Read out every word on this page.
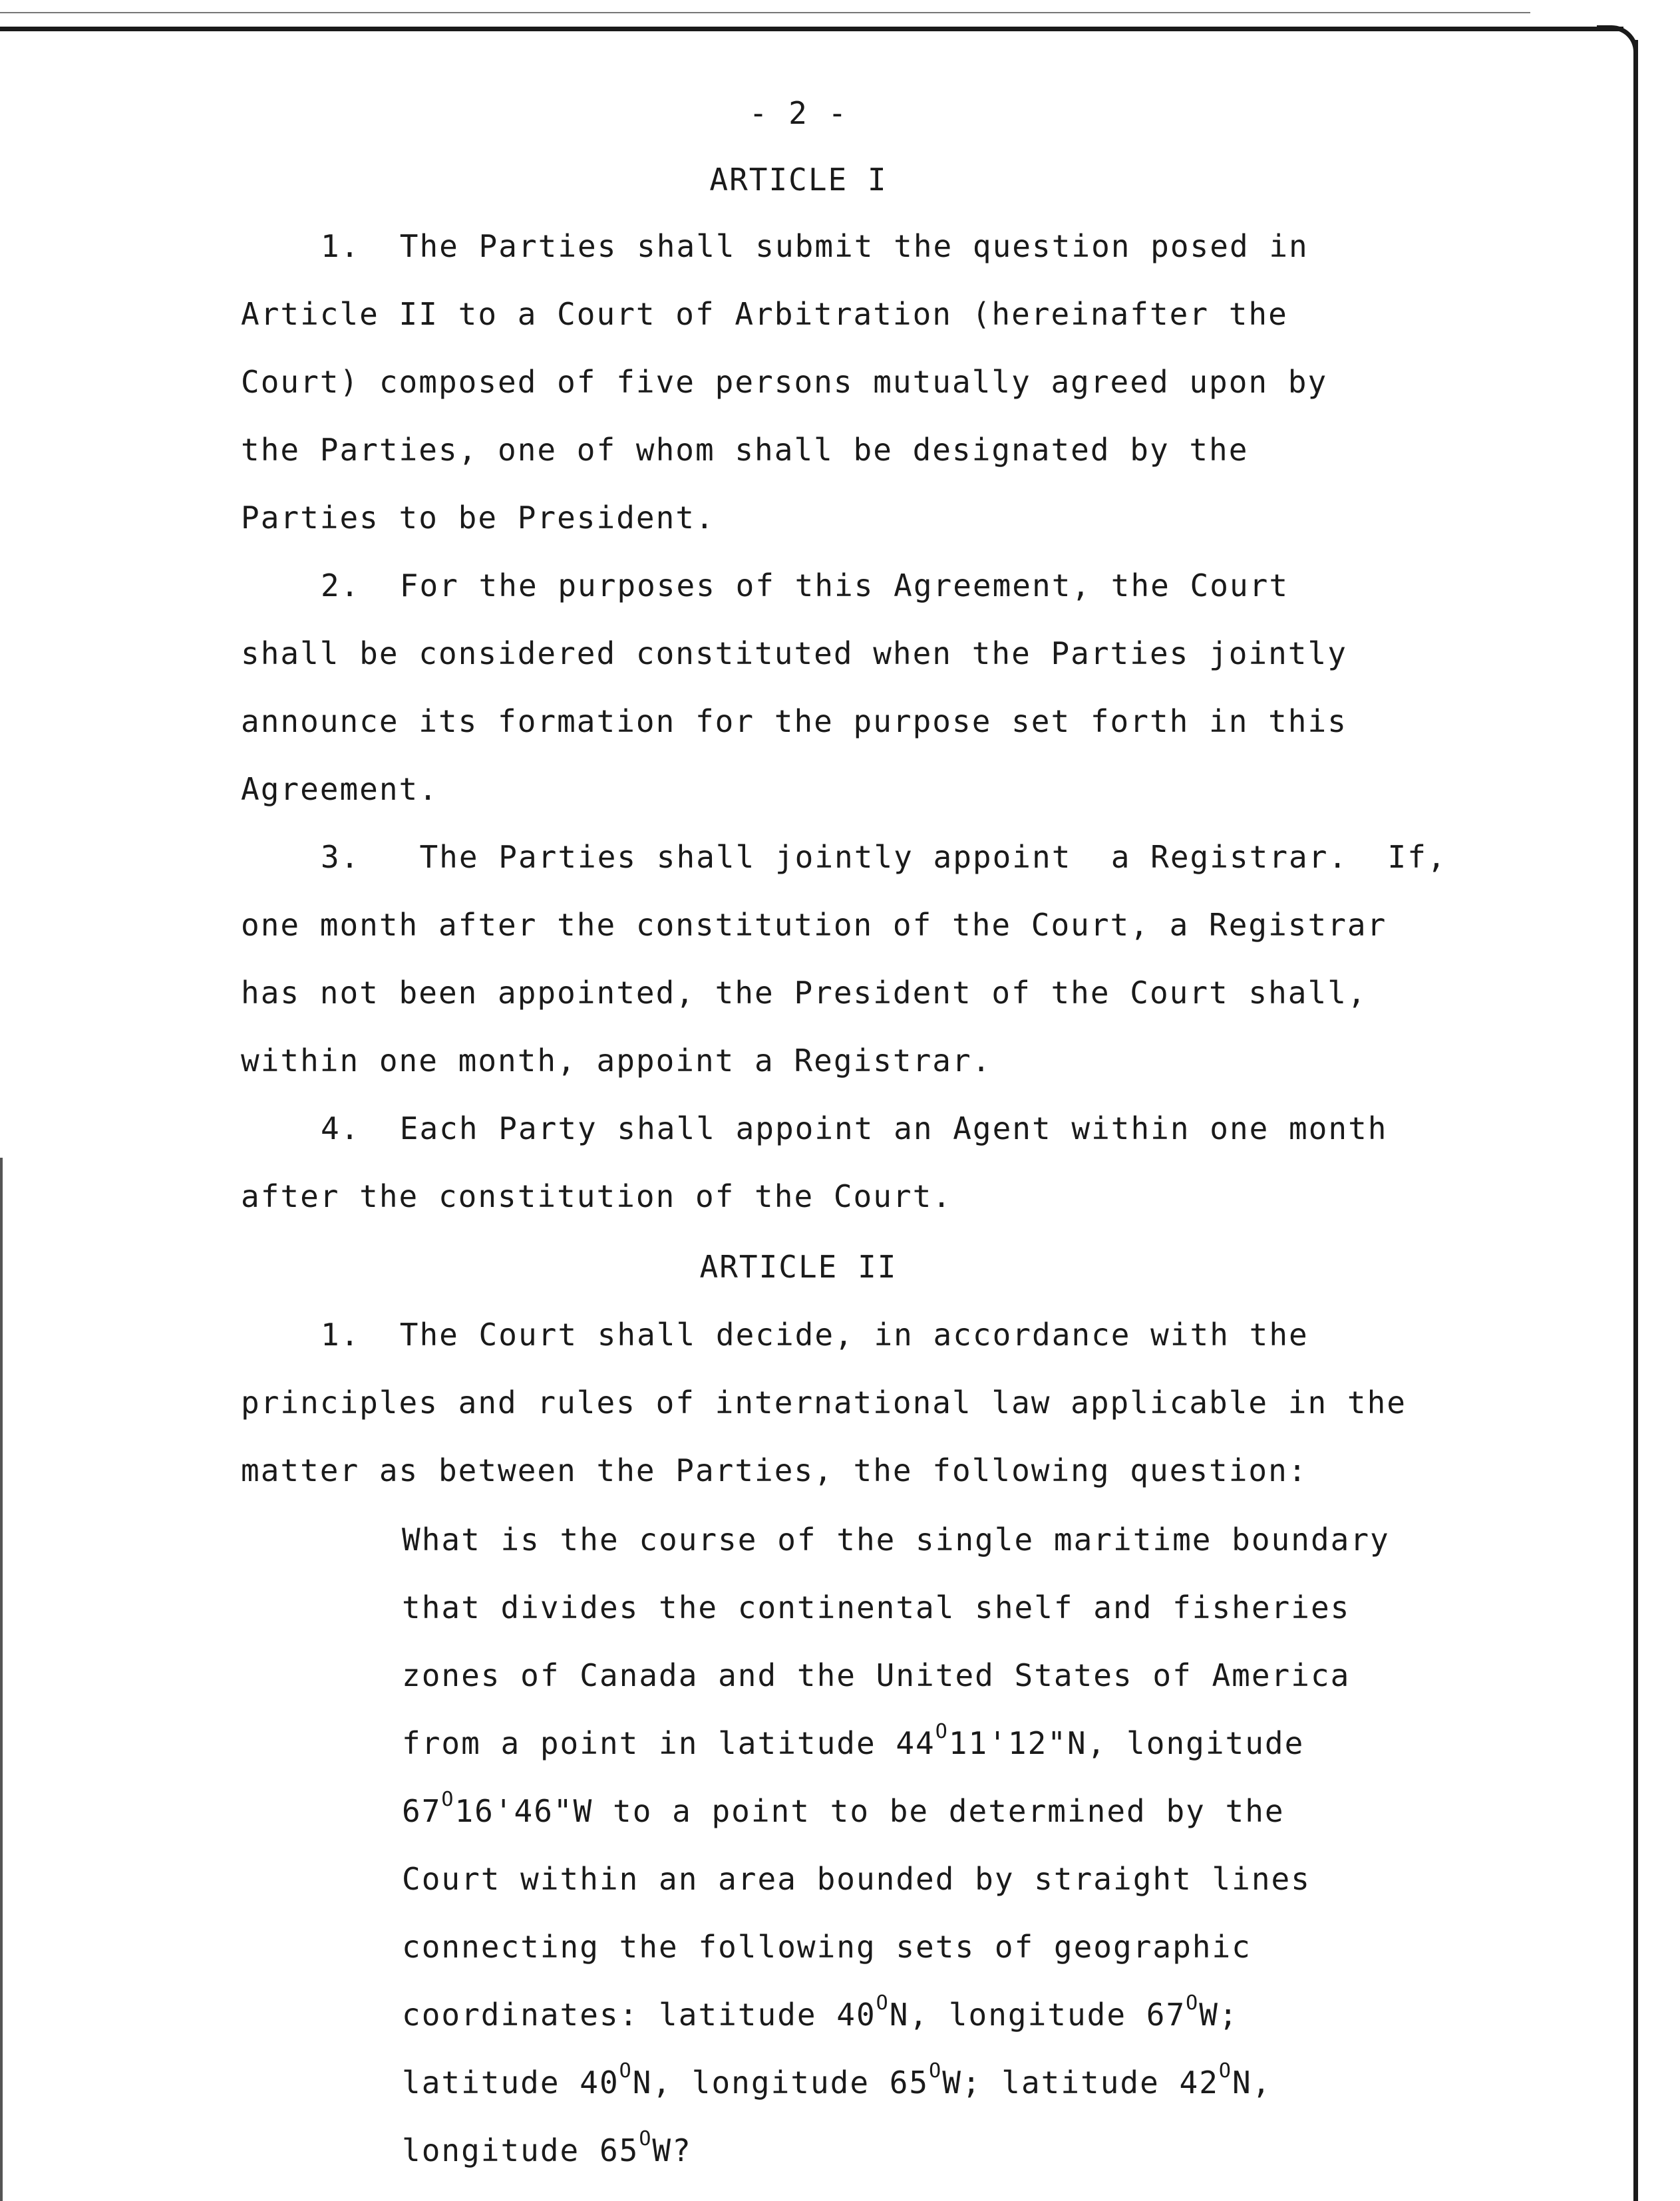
- 2 -
ARTICLE I
1.  The Parties shall submit the question posed in
Article II to a Court of Arbitration (hereinafter the
Court) composed of five persons mutually agreed upon by
the Parties, one of whom shall be designated by the
Parties to be President.
2.  For the purposes of this Agreement, the Court
shall be considered constituted when the Parties jointly
announce its formation for the purpose set forth in this
Agreement.
3.   The Parties shall jointly appoint  a Registrar.  If,
one month after the constitution of the Court, a Registrar
has not been appointed, the President of the Court shall,
within one month, appoint a Registrar.
4.  Each Party shall appoint an Agent within one month
after the constitution of the Court.
ARTICLE II
1.  The Court shall decide, in accordance with the
principles and rules of international law applicable in the
matter as between the Parties, the following question:
What is the course of the single maritime boundary
that divides the continental shelf and fisheries
zones of Canada and the United States of America
from a point in latitude $44^O11'12"N$, longitude
$67^O16'46"W$ to a point to be determined by the
Court within an area bounded by straight lines
connecting the following sets of geographic
coordinates: latitude $40^ON$, longitude $67^OW$;
latitude $40^ON$, longitude $65^OW$; latitude $42^ON$,
longitude $65^OW$?
